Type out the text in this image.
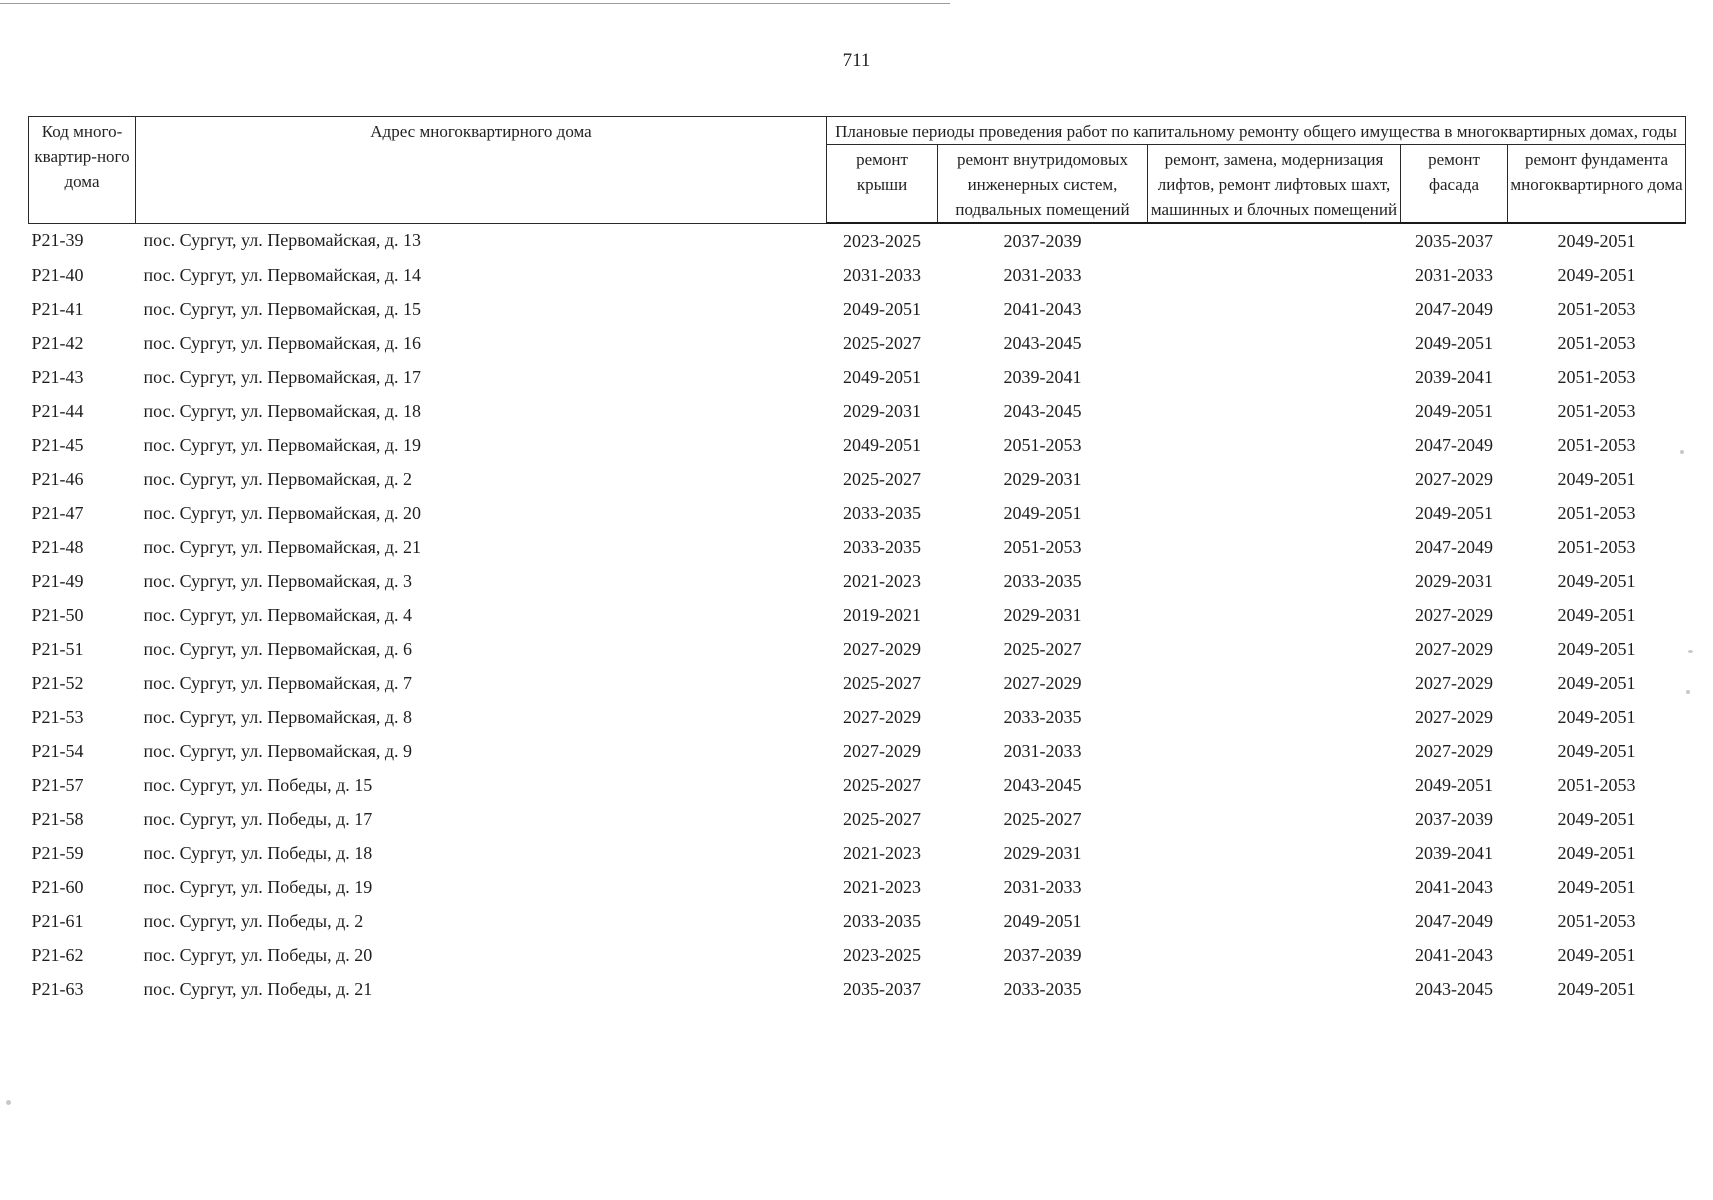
711
Код много-квартир-ного дома	Адрес многоквартирного дома	Плановые периоды проведения работ по капитальному ремонту общего имущества в многоквартирных домах, годы				
		ремонт крыши	ремонт внутридомовых инженерных систем, подвальных помещений	ремонт, замена, модернизация лифтов, ремонт лифтовых шахт, машинных и блочных помещений	ремонт фасада	ремонт фундамента многоквартирного дома
P21-39	пос. Сургут, ул. Первомайская, д. 13	2023-2025	2037-2039		2035-2037	2049-2051
P21-40	пос. Сургут, ул. Первомайская, д. 14	2031-2033	2031-2033		2031-2033	2049-2051
P21-41	пос. Сургут, ул. Первомайская, д. 15	2049-2051	2041-2043		2047-2049	2051-2053
P21-42	пос. Сургут, ул. Первомайская, д. 16	2025-2027	2043-2045		2049-2051	2051-2053
P21-43	пос. Сургут, ул. Первомайская, д. 17	2049-2051	2039-2041		2039-2041	2051-2053
P21-44	пос. Сургут, ул. Первомайская, д. 18	2029-2031	2043-2045		2049-2051	2051-2053
P21-45	пос. Сургут, ул. Первомайская, д. 19	2049-2051	2051-2053		2047-2049	2051-2053
P21-46	пос. Сургут, ул. Первомайская, д. 2	2025-2027	2029-2031		2027-2029	2049-2051
P21-47	пос. Сургут, ул. Первомайская, д. 20	2033-2035	2049-2051		2049-2051	2051-2053
P21-48	пос. Сургут, ул. Первомайская, д. 21	2033-2035	2051-2053		2047-2049	2051-2053
P21-49	пос. Сургут, ул. Первомайская, д. 3	2021-2023	2033-2035		2029-2031	2049-2051
P21-50	пос. Сургут, ул. Первомайская, д. 4	2019-2021	2029-2031		2027-2029	2049-2051
P21-51	пос. Сургут, ул. Первомайская, д. 6	2027-2029	2025-2027		2027-2029	2049-2051
P21-52	пос. Сургут, ул. Первомайская, д. 7	2025-2027	2027-2029		2027-2029	2049-2051
P21-53	пос. Сургут, ул. Первомайская, д. 8	2027-2029	2033-2035		2027-2029	2049-2051
P21-54	пос. Сургут, ул. Первомайская, д. 9	2027-2029	2031-2033		2027-2029	2049-2051
P21-57	пос. Сургут, ул. Победы, д. 15	2025-2027	2043-2045		2049-2051	2051-2053
P21-58	пос. Сургут, ул. Победы, д. 17	2025-2027	2025-2027		2037-2039	2049-2051
P21-59	пос. Сургут, ул. Победы, д. 18	2021-2023	2029-2031		2039-2041	2049-2051
P21-60	пос. Сургут, ул. Победы, д. 19	2021-2023	2031-2033		2041-2043	2049-2051
P21-61	пос. Сургут, ул. Победы, д. 2	2033-2035	2049-2051		2047-2049	2051-2053
P21-62	пос. Сургут, ул. Победы, д. 20	2023-2025	2037-2039		2041-2043	2049-2051
P21-63	пос. Сургут, ул. Победы, д. 21	2035-2037	2033-2035		2043-2045	2049-2051
